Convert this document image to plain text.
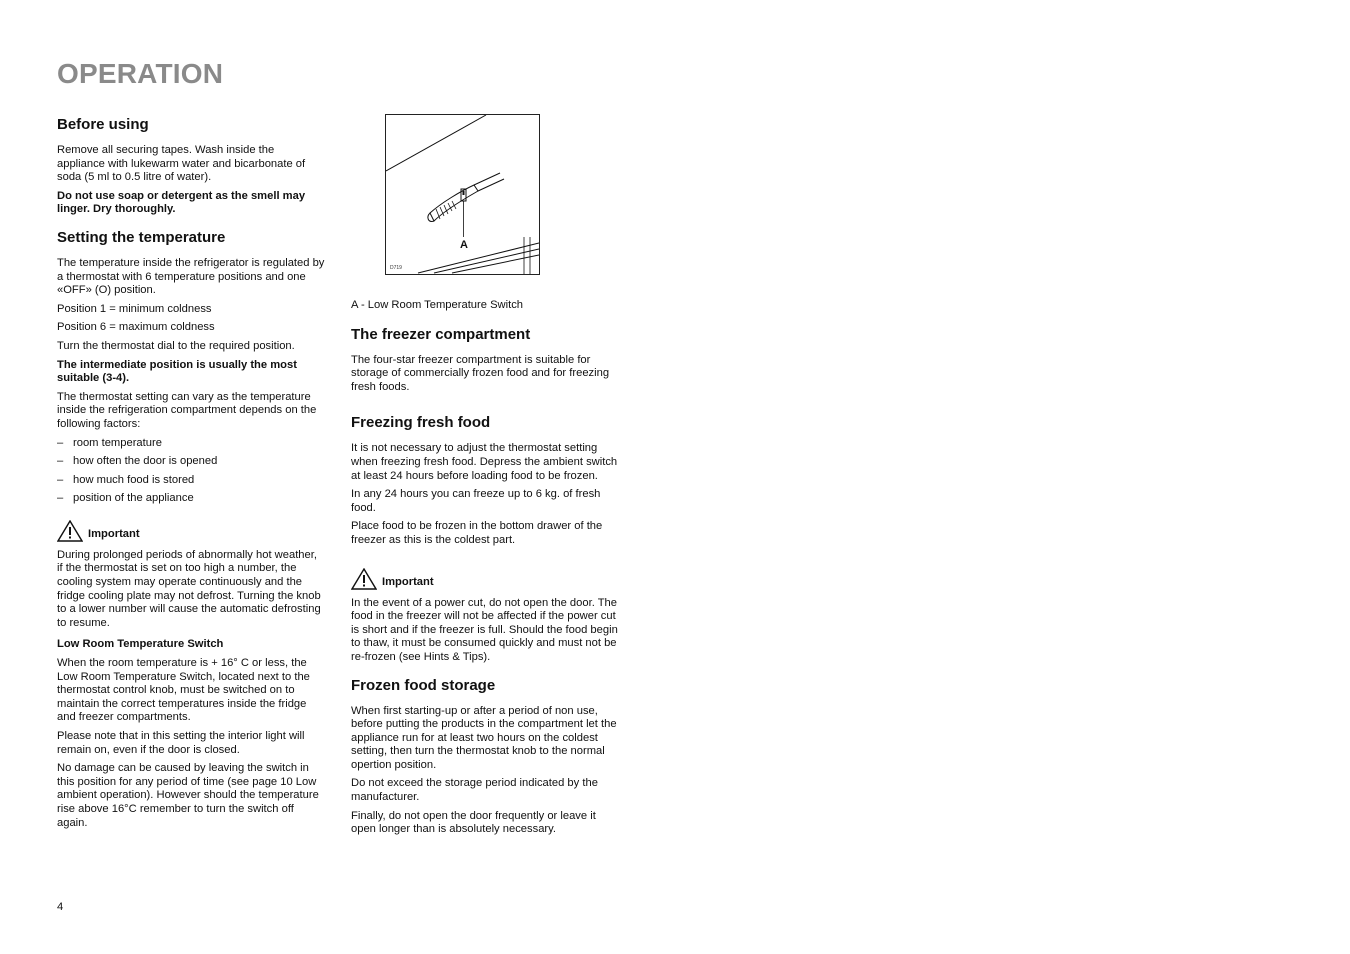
OPERATION
Before using

Remove all securing tapes. Wash inside the appliance with lukewarm water and bicarbonate of soda (5 ml to 0.5 litre of water).

Do not use soap or detergent as the smell may linger. Dry thoroughly.

Setting the temperature

The temperature inside the refrigerator is regulated by a thermostat with 6 temperature positions and one «OFF» (O) position.

Position 1 = minimum coldness

Position 6 = maximum coldness

Turn the thermostat dial to the required position.

The intermediate position is usually the most suitable (3-4).

The thermostat setting can vary as the temperature inside the refrigeration compartment depends on the following factors:

– room temperature
– how often the door is opened
– how much food is stored
– position of the appliance
Important

During prolonged periods of abnormally hot weather, if the thermostat is set on too high a number, the cooling system may operate continuously and the fridge cooling plate may not defrost. Turning the knob to a lower number will cause the automatic defrosting to resume.

Low Room Temperature Switch

When the room temperature is + 16° C or less, the Low Room Temperature Switch, located next to the thermostat control knob, must be switched on to maintain the correct temperatures inside the fridge and freezer compartments.

Please note that in this setting the interior light will remain on, even if the door is closed.

No damage can be caused by leaving the switch in this position for any period of time (see page 10 Low ambient operation). However should the temperature rise above 16°C remember to turn the switch off again.

A
D719

A - Low Room Temperature Switch

The freezer compartment

The four-star freezer compartment is suitable for storage of commercially frozen food and for freezing fresh foods.

Freezing fresh food

It is not necessary to adjust the thermostat setting when freezing fresh food. Depress the ambient switch at least 24 hours before loading food to be frozen.

In any 24 hours you can freeze up to 6 kg. of fresh food.

Place food to be frozen in the bottom drawer of the freezer as this is the coldest part.

Important

In the event of a power cut, do not open the door. The food in the freezer will not be affected if the power cut is short and if the freezer is full. Should the food begin to thaw, it must be consumed quickly and must not be re-frozen (see Hints & Tips).

Frozen food storage

When first starting-up or after a period of non use, before putting the products in the compartment let the appliance run for at least two hours on the coldest setting, then turn the thermostat knob to the normal opertion position.

Do not exceed the storage period indicated by the manufacturer.

Finally, do not open the door frequently or leave it open longer than is absolutely necessary.

4
